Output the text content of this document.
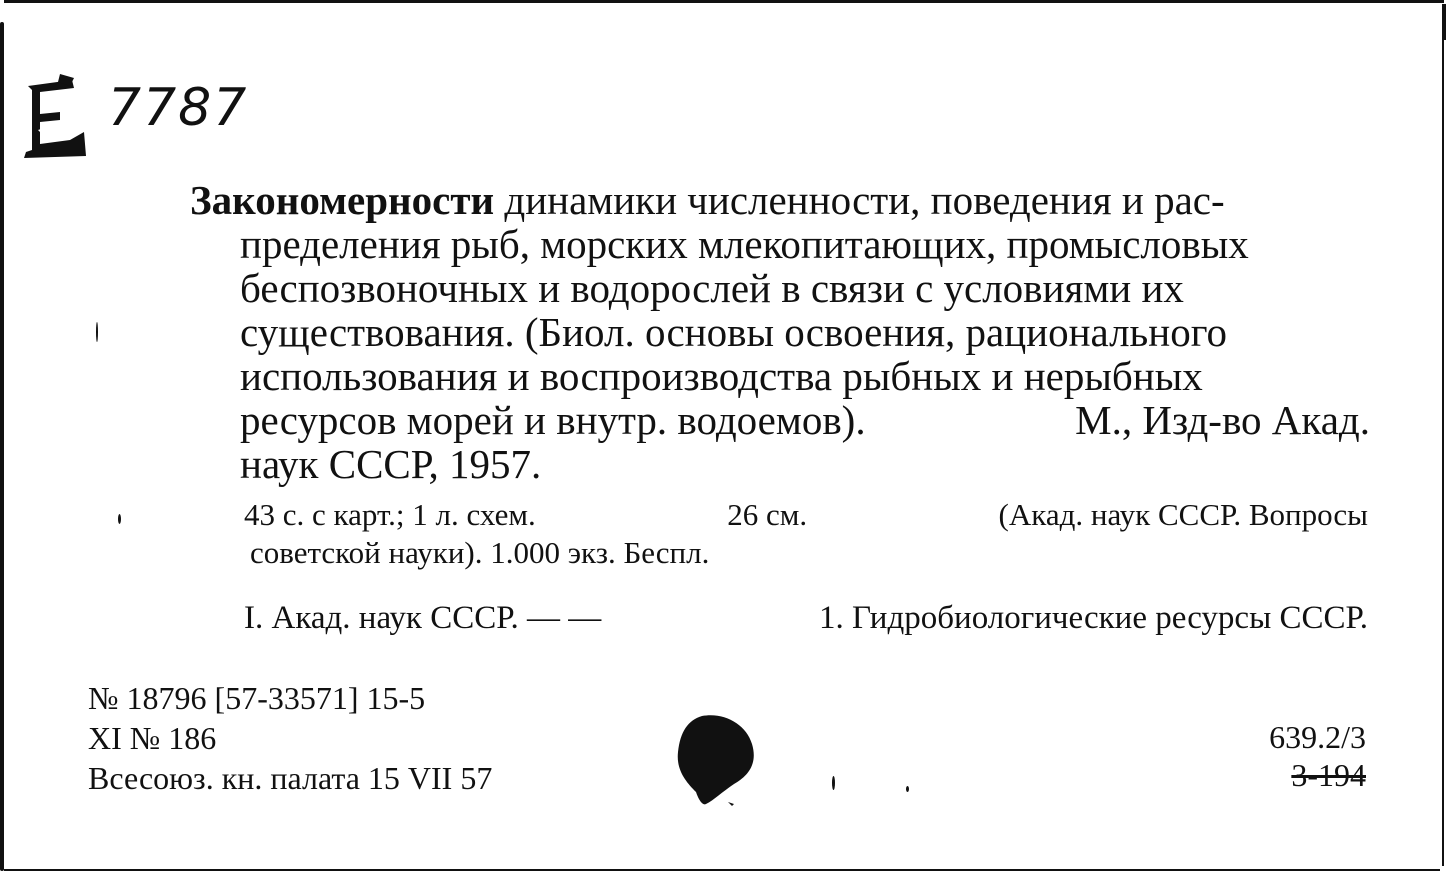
7787
Закономерности динамики численности, поведения и рас-
пределения рыб, морских млекопитающих, промысловых
беспозвоночных и водорослей в связи с условиями их
существования. (Биол. основы освоения, рационального
использования и воспроизводства рыбных и нерыбных
ресурсов морей и внутр. водоемов).	М., Изд-во Акад.
наук СССР, 1957.
43 с. с карт.; 1 л. схем.	26 см.	(Акад. наук СССР. Вопросы
советской науки). 1.000 экз. Беспл.
I. Акад. наук СССР. — —	1. Гидробиологические ресурсы СССР.
№ 18796 [57-33571] 15-5
XI № 186
Всесоюз. кн. палата 15 VII 57
639.2/3
3-194
